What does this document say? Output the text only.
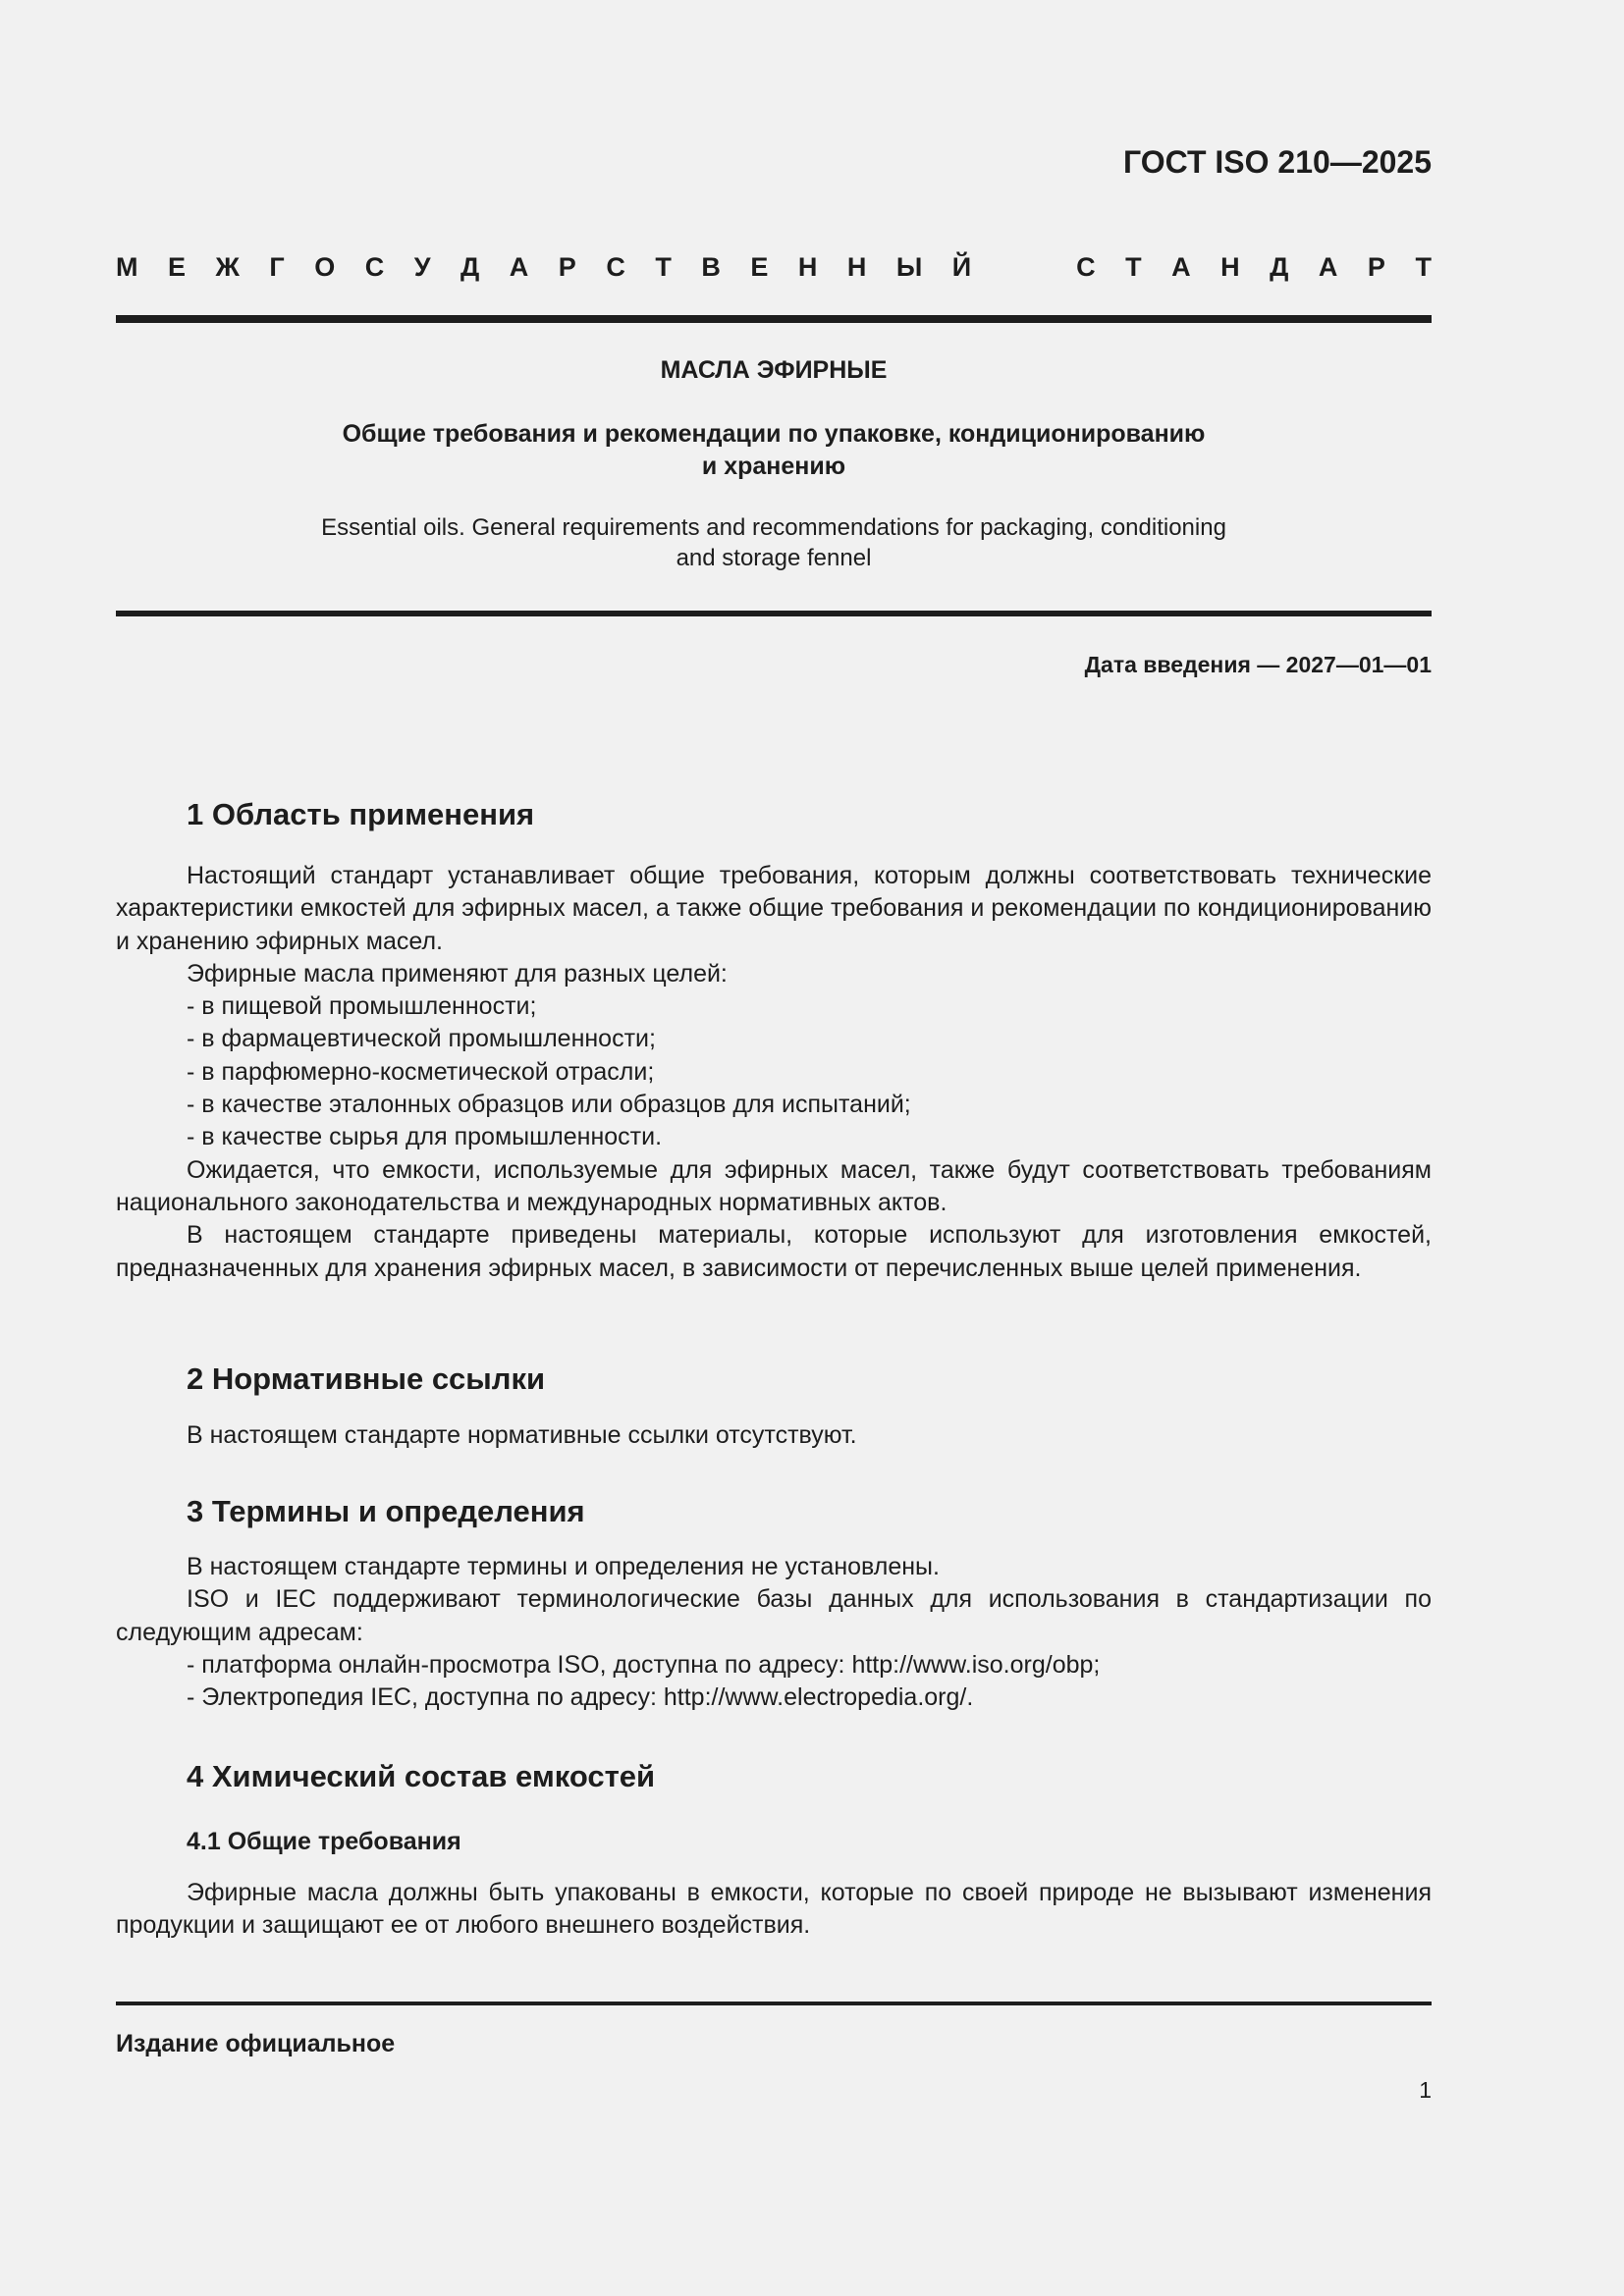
ГОСТ ISO 210—2025
М Е Ж Г О С У Д А Р С Т В Е Н Н Ы Й	С Т А Н Д А Р Т
МАСЛА ЭФИРНЫЕ
Общие требования и рекомендации по упаковке, кондиционированию
и хранению
Essential oils. General requirements and recommendations for packaging, conditioning
and storage fennel
Дата введения — 2027—01—01
1 Область применения

Настоящий стандарт устанавливает общие требования, которым должны соответствовать технические характеристики емкостей для эфирных масел, а также общие требования и рекомендации по кондиционированию и хранению эфирных масел.

Эфирные масла применяют для разных целей:

- в пищевой промышленности;

- в фармацевтической промышленности;

- в парфюмерно-косметической отрасли;

- в качестве эталонных образцов или образцов для испытаний;

- в качестве сырья для промышленности.

Ожидается, что емкости, используемые для эфирных масел, также будут соответствовать требованиям национального законодательства и международных нормативных актов.

В настоящем стандарте приведены материалы, которые используют для изготовления емкостей, предназначенных для хранения эфирных масел, в зависимости от перечисленных выше целей применения.

2 Нормативные ссылки

В настоящем стандарте нормативные ссылки отсутствуют.

3 Термины и определения

В настоящем стандарте термины и определения не установлены.

ISO и IEC поддерживают терминологические базы данных для использования в стандартизации по следующим адресам:

- платформа онлайн-просмотра ISO, доступна по адресу: http://www.iso.org/obp;

- Электропедия IEC, доступна по адресу: http://www.electropedia.org/.

4 Химический состав емкостей
4.1 Общие требования

Эфирные масла должны быть упакованы в емкости, которые по своей природе не вызывают изменения продукции и защищают ее от любого внешнего воздействия.

Издание официальное
1
